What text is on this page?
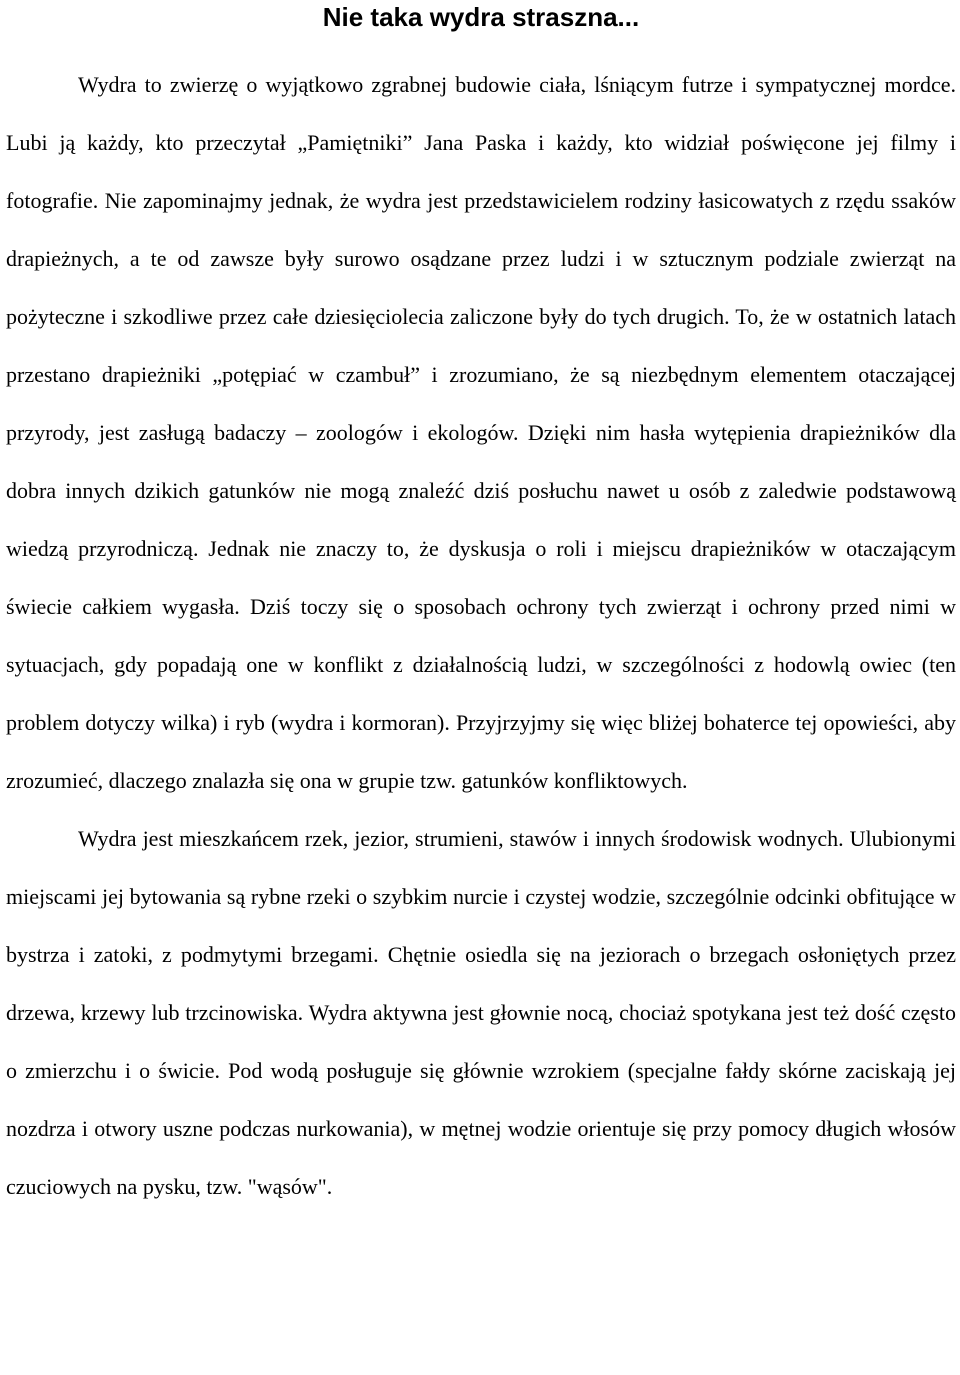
Nie taka wydra straszna...

Wydra to zwierzę o wyjątkowo zgrabnej budowie ciała, lśniącym futrze i sympatycznej mordce. Lubi ją każdy, kto przeczytał „Pamiętniki” Jana Paska i każdy, kto widział poświęcone jej filmy i fotografie. Nie zapominajmy jednak, że wydra jest przedstawicielem rodziny łasicowatych z rzędu ssaków drapieżnych, a te od zawsze były surowo osądzane przez ludzi i w sztucznym podziale zwierząt na pożyteczne i szkodliwe przez całe dziesięciolecia zaliczone były do tych drugich. To, że w ostatnich latach przestano drapieżniki „potępiać w czambuł” i zrozumiano, że są niezbędnym elementem otaczającej przyrody, jest zasługą badaczy – zoologów i ekologów. Dzięki nim hasła wytępienia drapieżników dla dobra innych dzikich gatunków nie mogą znaleźć dziś posłuchu nawet u osób z zaledwie podstawową wiedzą przyrodniczą. Jednak nie znaczy to, że dyskusja o roli i miejscu drapieżników w otaczającym świecie całkiem wygasła. Dziś toczy się o sposobach ochrony tych zwierząt i ochrony przed nimi w sytuacjach, gdy popadają one w konflikt z działalnością ludzi, w szczególności z hodowlą owiec (ten problem dotyczy wilka) i ryb (wydra i kormoran). Przyjrzyjmy się więc bliżej bohaterce tej opowieści, aby zrozumieć, dlaczego znalazła się ona w grupie tzw. gatunków konfliktowych.

Wydra jest mieszkańcem rzek, jezior, strumieni, stawów i innych środowisk wodnych. Ulubionymi miejscami jej bytowania są rybne rzeki o szybkim nurcie i czystej wodzie, szczególnie odcinki obfitujące w bystrza i zatoki, z podmytymi brzegami. Chętnie osiedla się na jeziorach o brzegach osłoniętych przez drzewa, krzewy lub trzcinowiska. Wydra aktywna jest głownie nocą, chociaż spotykana jest też dość często o zmierzchu i o świcie. Pod wodą posługuje się głównie wzrokiem (specjalne fałdy skórne zaciskają jej nozdrza i otwory uszne podczas nurkowania), w mętnej wodzie orientuje się przy pomocy długich włosów czuciowych na pysku, tzw. "wąsów".
